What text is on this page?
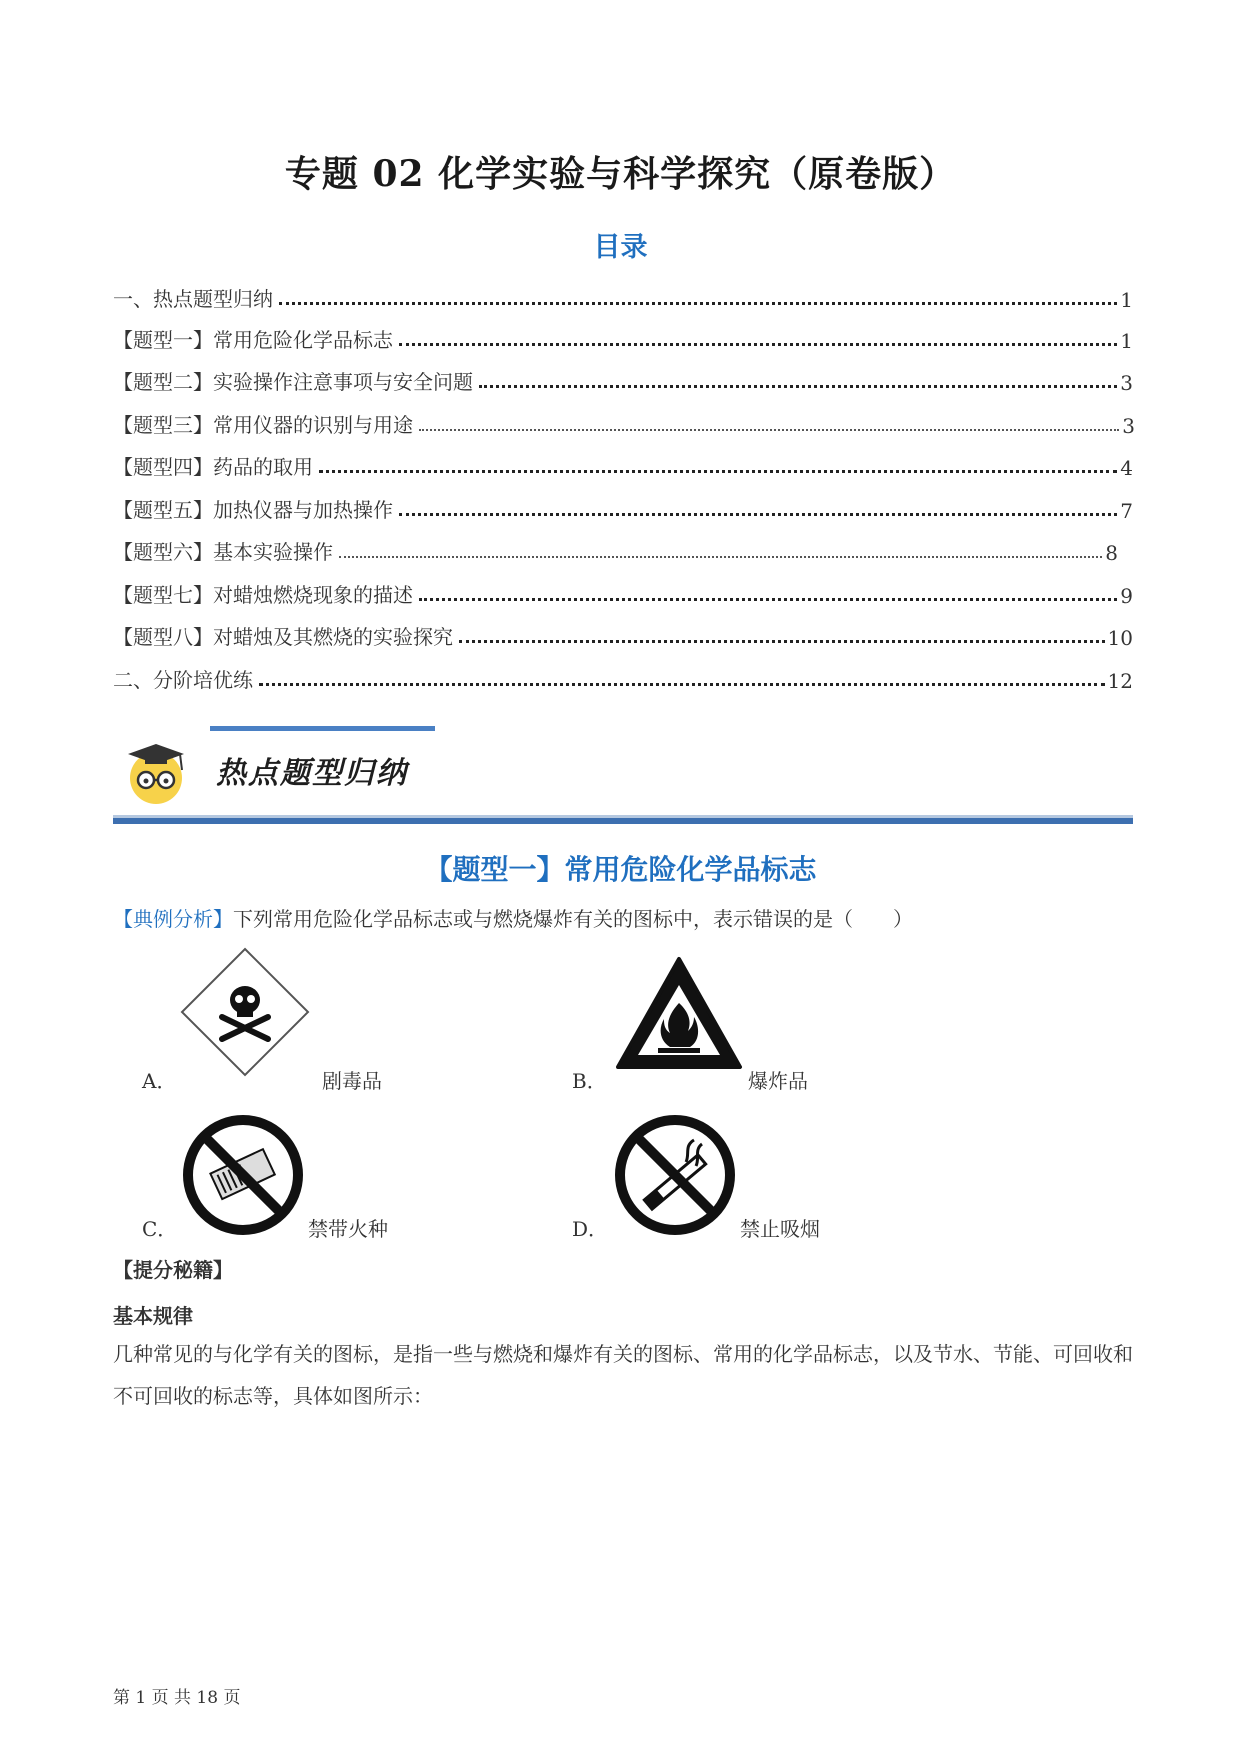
专题 02 化学实验与科学探究（原卷版）
目录
一、热点题型归纳	1
【题型一】常用危险化学品标志	1
【题型二】实验操作注意事项与安全问题	3
【题型三】常用仪器的识别与用途	3
【题型四】药品的取用	4
【题型五】加热仪器与加热操作	7
【题型六】基本实验操作	8
【题型七】对蜡烛燃烧现象的描述	9
【题型八】对蜡烛及其燃烧的实验探究	10
二、分阶培优练	12
热点题型归纳
【题型一】常用危险化学品标志
【典例分析】下列常用危险化学品标志或与燃烧爆炸有关的图标中，表示错误的是（　　）
A．	剧毒品	B．	爆炸品
C．	禁带火种	D．	禁止吸烟
【提分秘籍】
基本规律
几种常见的与化学有关的图标，是指一些与燃烧和爆炸有关的图标、常用的化学品标志，以及节水、节能、可回收和不可回收的标志等，具体如图所示：
第 1 页 共 18 页
